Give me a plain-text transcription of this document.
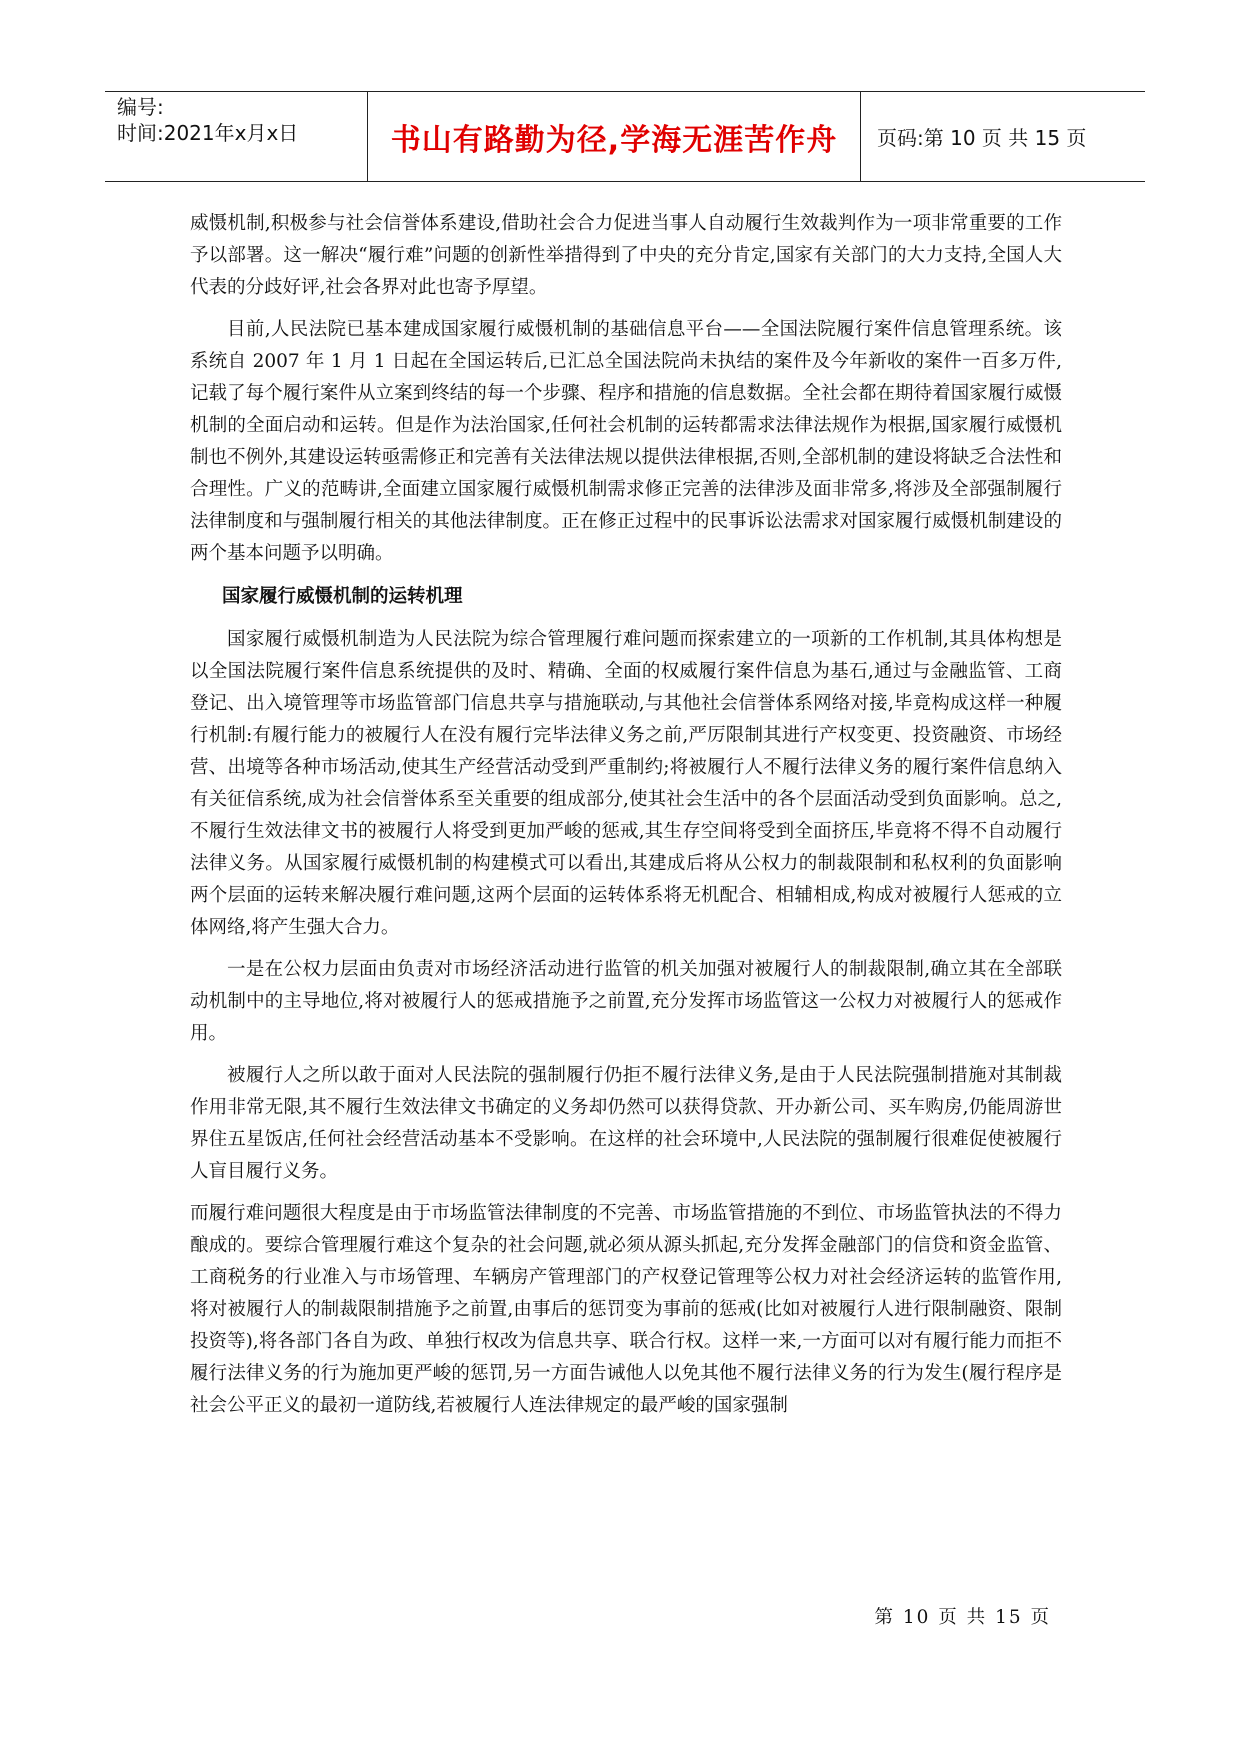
编号:
时间:2021年x月x日	书山有路勤为径,学海无涯苦作舟 页码:第 10 页 共 15 页

威慑机制,积极参与社会信誉体系建设,借助社会合力促进当事人自动履行生效裁判作为一项非常重要的工作予以部署。这一解决“履行难”问题的创新性举措得到了中央的充分肯定,国家有关部门的大力支持,全国人大代表的分歧好评,社会各界对此也寄予厚望。

目前,人民法院已基本建成国家履行威慑机制的基础信息平台——全国法院履行案件信息管理系统。该系统自 2007 年 1 月 1 日起在全国运转后,已汇总全国法院尚未执结的案件及今年新收的案件一百多万件,记载了每个履行案件从立案到终结的每一个步骤、程序和措施的信息数据。全社会都在期待着国家履行威慑机制的全面启动和运转。但是作为法治国家,任何社会机制的运转都需求法律法规作为根据,国家履行威慑机制也不例外,其建设运转亟需修正和完善有关法律法规以提供法律根据,否则,全部机制的建设将缺乏合法性和合理性。广义的范畴讲,全面建立国家履行威慑机制需求修正完善的法律涉及面非常多,将涉及全部强制履行法律制度和与强制履行相关的其他法律制度。正在修正过程中的民事诉讼法需求对国家履行威慑机制建设的两个基本问题予以明确。

国家履行威慑机制的运转机理

国家履行威慑机制造为人民法院为综合管理履行难问题而探索建立的一项新的工作机制,其具体构想是以全国法院履行案件信息系统提供的及时、精确、全面的权威履行案件信息为基石,通过与金融监管、工商登记、出入境管理等市场监管部门信息共享与措施联动,与其他社会信誉体系网络对接,毕竟构成这样一种履行机制:有履行能力的被履行人在没有履行完毕法律义务之前,严厉限制其进行产权变更、投资融资、市场经营、出境等各种市场活动,使其生产经营活动受到严重制约;将被履行人不履行法律义务的履行案件信息纳入有关征信系统,成为社会信誉体系至关重要的组成部分,使其社会生活中的各个层面活动受到负面影响。总之,不履行生效法律文书的被履行人将受到更加严峻的惩戒,其生存空间将受到全面挤压,毕竟将不得不自动履行法律义务。从国家履行威慑机制的构建模式可以看出,其建成后将从公权力的制裁限制和私权利的负面影响两个层面的运转来解决履行难问题,这两个层面的运转体系将无机配合、相辅相成,构成对被履行人惩戒的立体网络,将产生强大合力。

一是在公权力层面由负责对市场经济活动进行监管的机关加强对被履行人的制裁限制,确立其在全部联动机制中的主导地位,将对被履行人的惩戒措施予之前置,充分发挥市场监管这一公权力对被履行人的惩戒作用。

被履行人之所以敢于面对人民法院的强制履行仍拒不履行法律义务,是由于人民法院强制措施对其制裁作用非常无限,其不履行生效法律文书确定的义务却仍然可以获得贷款、开办新公司、买车购房,仍能周游世界住五星饭店,任何社会经营活动基本不受影响。在这样的社会环境中,人民法院的强制履行很难促使被履行人盲目履行义务。

而履行难问题很大程度是由于市场监管法律制度的不完善、市场监管措施的不到位、市场监管执法的不得力酿成的。要综合管理履行难这个复杂的社会问题,就必须从源头抓起,充分发挥金融部门的信贷和资金监管、工商税务的行业准入与市场管理、车辆房产管理部门的产权登记管理等公权力对社会经济运转的监管作用,将对被履行人的制裁限制措施予之前置,由事后的惩罚变为事前的惩戒(比如对被履行人进行限制融资、限制投资等),将各部门各自为政、单独行权改为信息共享、联合行权。这样一来,一方面可以对有履行能力而拒不履行法律义务的行为施加更严峻的惩罚,另一方面告诫他人以免其他不履行法律义务的行为发生(履行程序是社会公平正义的最初一道防线,若被履行人连法律规定的最严峻的国家强制

第 10 页 共 15 页
